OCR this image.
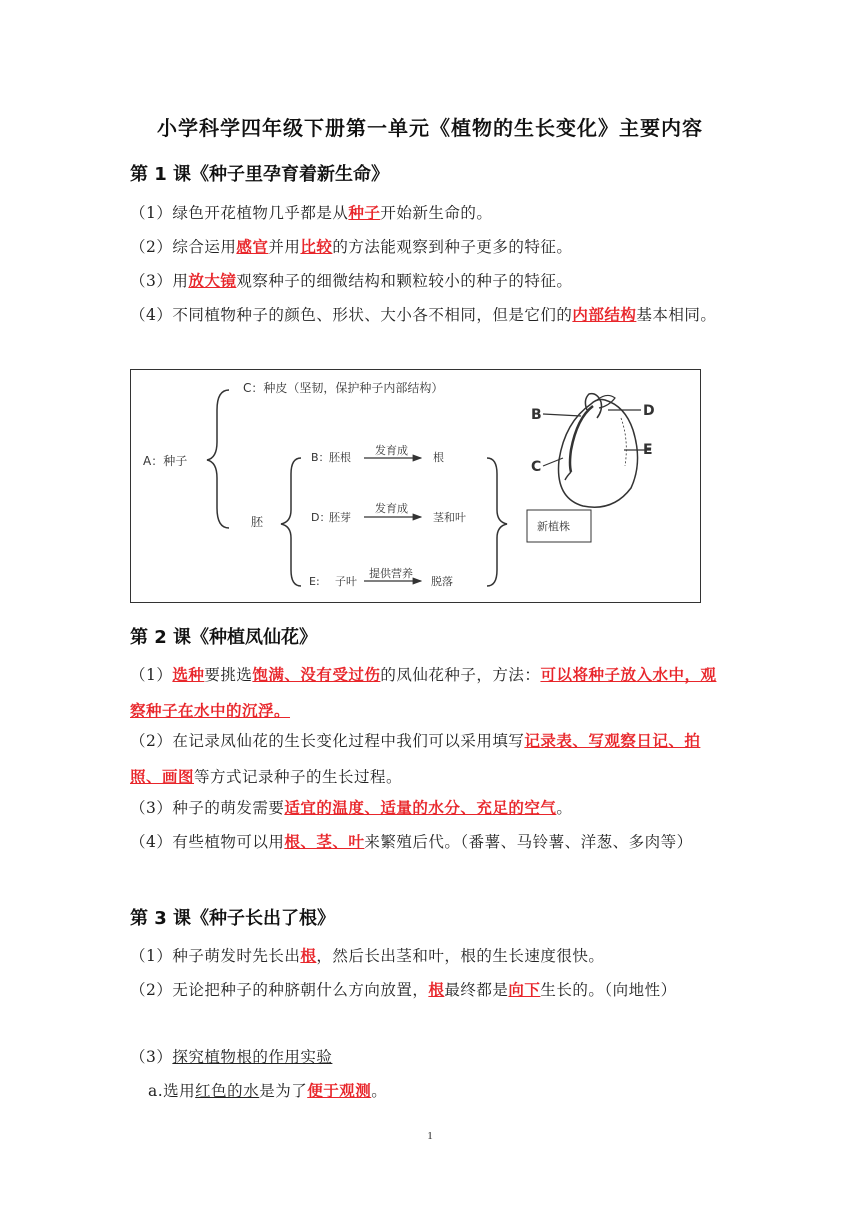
小学科学四年级下册第一单元《植物的生长变化》主要内容
第 1 课《种子里孕育着新生命》
（1）绿色开花植物几乎都是从种子开始新生命的。
（2）综合运用感官并用比较的方法能观察到种子更多的特征。
（3）用放大镜观察种子的细微结构和颗粒较小的种子的特征。
（4）不同植物种子的颜色、形状、大小各不相同，但是它们的内部结构基本相同。
A：种子
C：种皮（坚韧，保护种子内部结构）
胚
B： 胚根
发育成
根
D：
胚芽
发育成
茎和叶
E: 子叶
提供营养
脱落
新植株
B	D
E
C
第 2 课《种植凤仙花》
（1）选种要挑选饱满、没有受过伤的凤仙花种子，方法：可以将种子放入水中，观察种子在水中的沉浮。
（2）在记录凤仙花的生长变化过程中我们可以采用填写记录表、写观察日记、拍照、画图等方式记录种子的生长过程。
（3）种子的萌发需要适宜的温度、适量的水分、充足的空气。
（4）有些植物可以用根、茎、叶来繁殖后代。（番薯、马铃薯、洋葱、多肉等）
第 3 课《种子长出了根》
（1）种子萌发时先长出根，然后长出茎和叶，根的生长速度很快。
（2）无论把种子的种脐朝什么方向放置，根最终都是向下生长的。（向地性）
（3）探究植物根的作用实验
a.选用红色的水是为了便于观测。
1
